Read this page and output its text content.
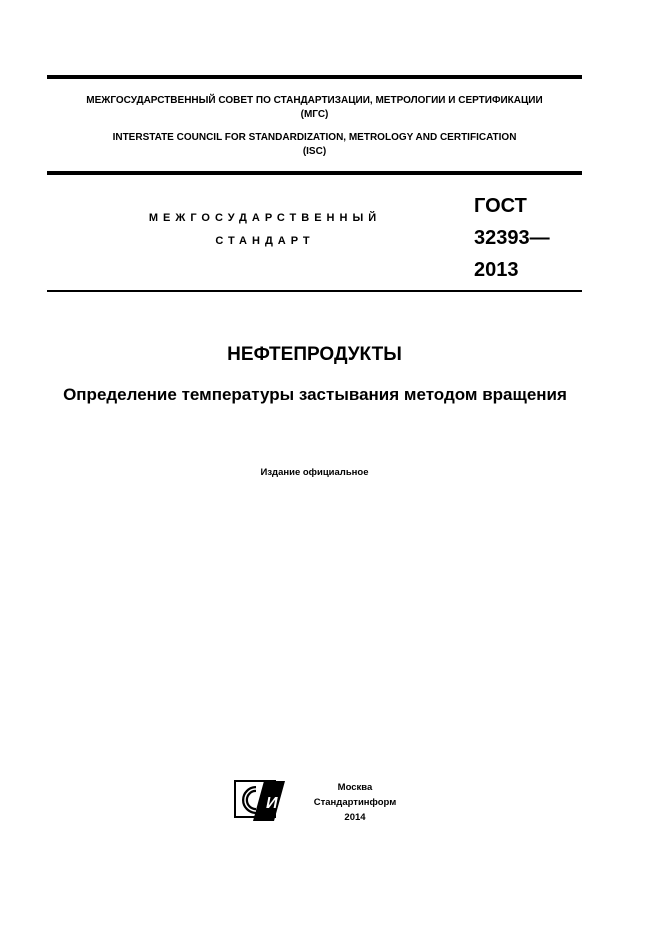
МЕЖГОСУДАРСТВЕННЫЙ СОВЕТ ПО СТАНДАРТИЗАЦИИ, МЕТРОЛОГИИ И СЕРТИФИКАЦИИ
(МГС)
INTERSTATE COUNCIL FOR STANDARDIZATION, METROLOGY AND CERTIFICATION
(ISC)
МЕЖГОСУДАРСТВЕННЫЙ
СТАНДАРТ
ГОСТ
32393—
2013
НЕФТЕПРОДУКТЫ
Определение температуры застывания методом вращения
Издание официальное
И
Москва
Стандартинформ
2014
